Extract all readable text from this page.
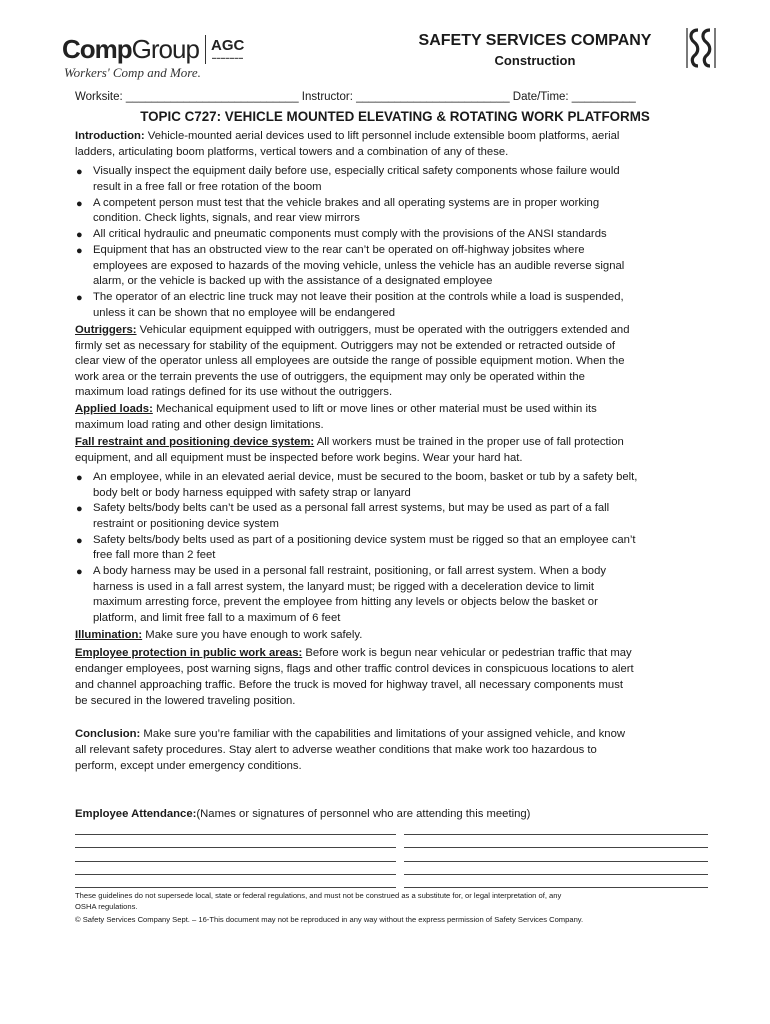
CompGroup AGC
▬▬▬▬▬▬▬
Workers' Comp and More.
SAFETY SERVICES COMPANY
Construction
Worksite: ___________________________ Instructor: ________________________ Date/Time: __________
TOPIC C727: VEHICLE MOUNTED ELEVATING & ROTATING WORK PLATFORMS
Introduction: Vehicle-mounted aerial devices used to lift personnel include extensible boom platforms, aerial
ladders, articulating boom platforms, vertical towers and a combination of any of these.
● Visually inspect the equipment daily before use, especially critical safety components whose failure would
result in a free fall or free rotation of the boom
● A competent person must test that the vehicle brakes and all operating systems are in proper working
condition. Check lights, signals, and rear view mirrors
● All critical hydraulic and pneumatic components must comply with the provisions of the ANSI standards
● Equipment that has an obstructed view to the rear can’t be operated on off-highway jobsites where
employees are exposed to hazards of the moving vehicle, unless the vehicle has an audible reverse signal
alarm, or the vehicle is backed up with the assistance of a designated employee
● The operator of an electric line truck may not leave their position at the controls while a load is suspended,
unless it can be shown that no employee will be endangered
Outriggers: Vehicular equipment equipped with outriggers, must be operated with the outriggers extended and
firmly set as necessary for stability of the equipment. Outriggers may not be extended or retracted outside of
clear view of the operator unless all employees are outside the range of possible equipment motion. When the
work area or the terrain prevents the use of outriggers, the equipment may only be operated within the
maximum load ratings defined for its use without the outriggers.
Applied loads: Mechanical equipment used to lift or move lines or other material must be used within its
maximum load rating and other design limitations.
Fall restraint and positioning device system: All workers must be trained in the proper use of fall protection
equipment, and all equipment must be inspected before work begins. Wear your hard hat.
● An employee, while in an elevated aerial device, must be secured to the boom, basket or tub by a safety belt,
body belt or body harness equipped with safety strap or lanyard
● Safety belts/body belts can’t be used as a personal fall arrest systems, but may be used as part of a fall
restraint or positioning device system
● Safety belts/body belts used as part of a positioning device system must be rigged so that an employee can’t
free fall more than 2 feet
● A body harness may be used in a personal fall restraint, positioning, or fall arrest system. When a body
harness is used in a fall arrest system, the lanyard must; be rigged with a deceleration device to limit
maximum arresting force, prevent the employee from hitting any levels or objects below the basket or
platform, and limit free fall to a maximum of 6 feet
Illumination: Make sure you have enough to work safely.
Employee protection in public work areas: Before work is begun near vehicular or pedestrian traffic that may
endanger employees, post warning signs, flags and other traffic control devices in conspicuous locations to alert
and channel approaching traffic. Before the truck is moved for highway travel, all necessary components must
be secured in the lowered traveling position.
Conclusion: Make sure you’re familiar with the capabilities and limitations of your assigned vehicle, and know
all relevant safety procedures. Stay alert to adverse weather conditions that make work too hazardous to
perform, except under emergency conditions.
Employee Attendance:(Names or signatures of personnel who are attending this meeting)
These guidelines do not supersede local, state or federal regulations, and must not be construed as a substitute for, or legal interpretation of, any
OSHA regulations.
© Safety Services Company Sept. – 16-This document may not be reproduced in any way without the express permission of Safety Services Company.
